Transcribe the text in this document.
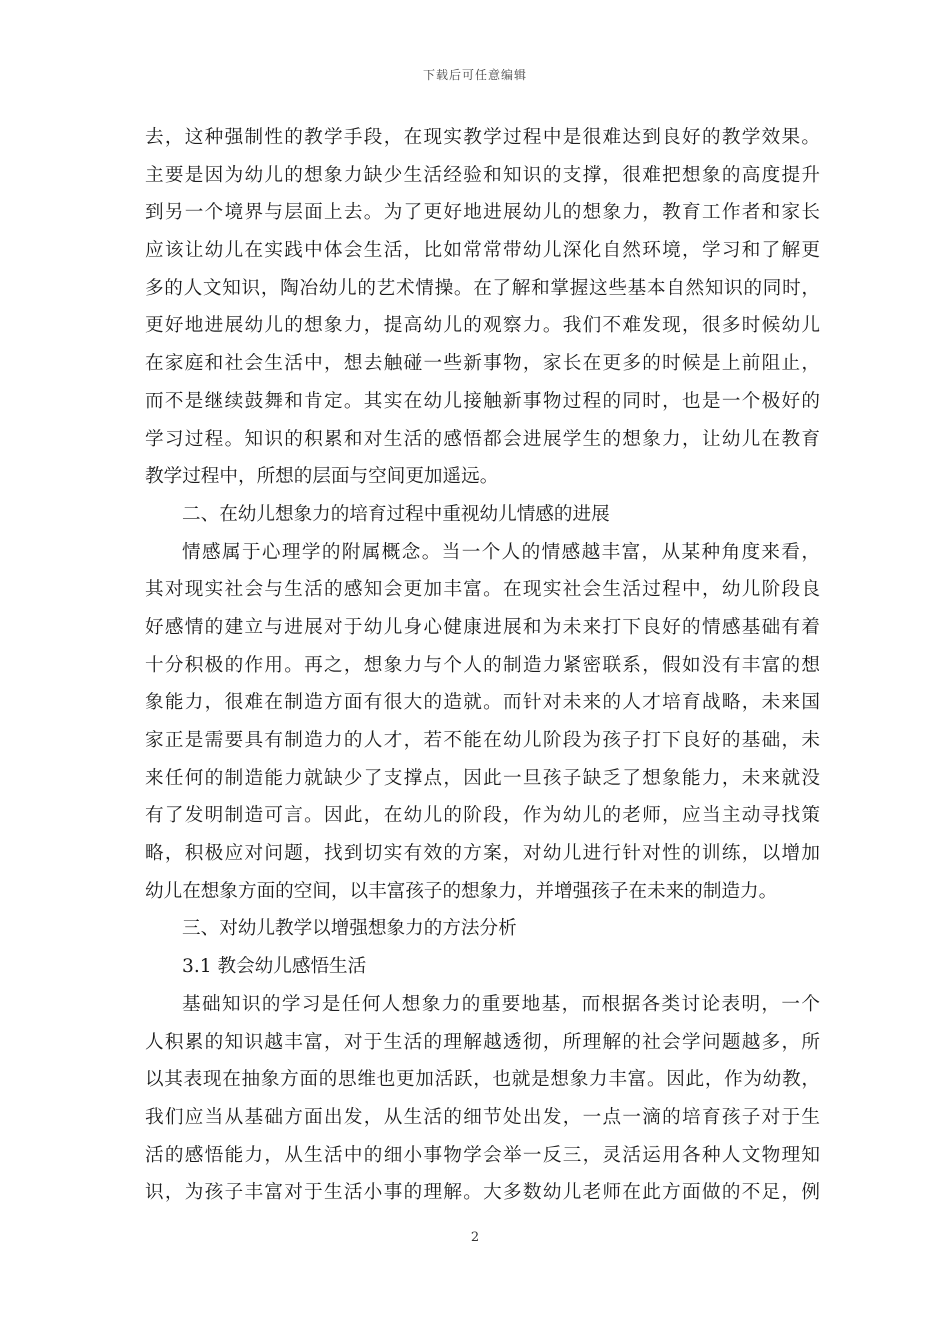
下载后可任意编辑
去，这种强制性的教学手段，在现实教学过程中是很难达到良好的教学效果。
主要是因为幼儿的想象力缺少生活经验和知识的支撑，很难把想象的高度提升
到另一个境界与层面上去。为了更好地进展幼儿的想象力，教育工作者和家长
应该让幼儿在实践中体会生活，比如常常带幼儿深化自然环境，学习和了解更
多的人文知识，陶冶幼儿的艺术情操。在了解和掌握这些基本自然知识的同时，
更好地进展幼儿的想象力，提高幼儿的观察力。我们不难发现，很多时候幼儿
在家庭和社会生活中，想去触碰一些新事物，家长在更多的时候是上前阻止，
而不是继续鼓舞和肯定。其实在幼儿接触新事物过程的同时，也是一个极好的
学习过程。知识的积累和对生活的感悟都会进展学生的想象力，让幼儿在教育
教学过程中，所想的层面与空间更加遥远。
二、在幼儿想象力的培育过程中重视幼儿情感的进展
情感属于心理学的附属概念。当一个人的情感越丰富，从某种角度来看，
其对现实社会与生活的感知会更加丰富。在现实社会生活过程中，幼儿阶段良
好感情的建立与进展对于幼儿身心健康进展和为未来打下良好的情感基础有着
十分积极的作用。再之，想象力与个人的制造力紧密联系，假如没有丰富的想
象能力，很难在制造方面有很大的造就。而针对未来的人才培育战略，未来国
家正是需要具有制造力的人才，若不能在幼儿阶段为孩子打下良好的基础，未
来任何的制造能力就缺少了支撑点，因此一旦孩子缺乏了想象能力，未来就没
有了发明制造可言。因此，在幼儿的阶段，作为幼儿的老师，应当主动寻找策
略，积极应对问题，找到切实有效的方案，对幼儿进行针对性的训练，以增加
幼儿在想象方面的空间，以丰富孩子的想象力，并增强孩子在未来的制造力。
三、对幼儿教学以增强想象力的方法分析
3.1 教会幼儿感悟生活
基础知识的学习是任何人想象力的重要地基，而根据各类讨论表明，一个
人积累的知识越丰富，对于生活的理解越透彻，所理解的社会学问题越多，所
以其表现在抽象方面的思维也更加活跃，也就是想象力丰富。因此，作为幼教，
我们应当从基础方面出发，从生活的细节处出发，一点一滴的培育孩子对于生
活的感悟能力，从生活中的细小事物学会举一反三，灵活运用各种人文物理知
识，为孩子丰富对于生活小事的理解。大多数幼儿老师在此方面做的不足，例
2
